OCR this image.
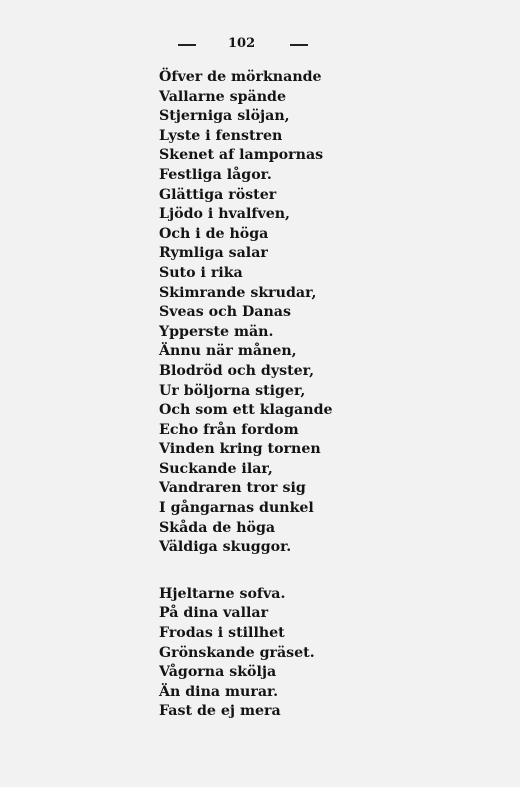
102
Öfver de mörknande
Vallarne spände
Stjerniga slöjan,
Lyste i fenstren
Skenet af lampornas
Festliga lågor.
Glättiga röster
Ljödo i hvalfven,
Och i de höga
Rymliga salar
Suto i rika
Skimrande skrudar,
Sveas och Danas
Ypperste män.
Ännu när månen,
Blodröd och dyster,
Ur böljorna stiger,
Och som ett klagande
Echo från fordom
Vinden kring tornen
Suckande ilar,
Vandraren tror sig
I gångarnas dunkel
Skåda de höga
Väldiga skuggor.
Hjeltarne sofva.
På dina vallar
Frodas i stillhet
Grönskande gräset.
Vågorna skölja
Än dina murar.
Fast de ej mera
